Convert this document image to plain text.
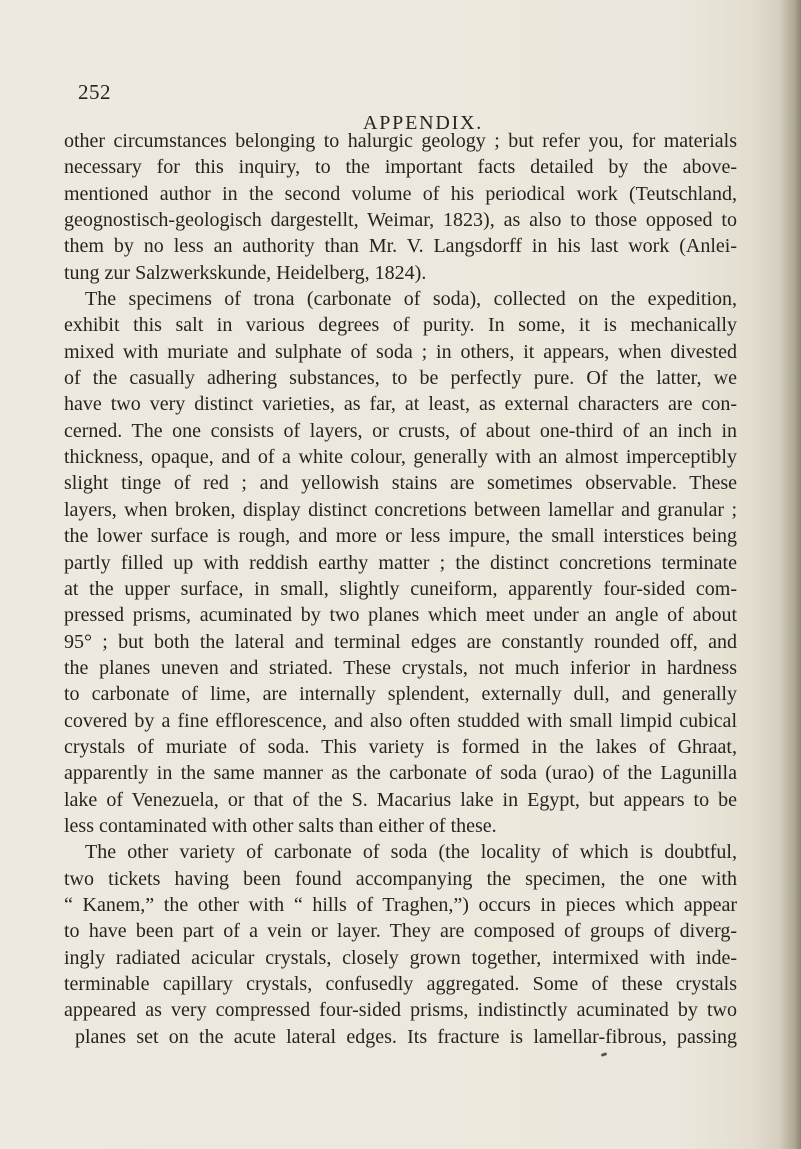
252
APPENDIX.
other circumstances belonging to halurgic geology ; but refer you, for materials
necessary for this inquiry, to the important facts detailed by the above-
mentioned author in the second volume of his periodical work (Teutschland,
geognostisch-geologisch dargestellt, Weimar, 1823), as also to those opposed to
them by no less an authority than Mr. V. Langsdorff in his last work (Anlei-
tung zur Salzwerkskunde, Heidelberg, 1824).
The specimens of trona (carbonate of soda), collected on the expedition,
exhibit this salt in various degrees of purity. In some, it is mechanically
mixed with muriate and sulphate of soda ; in others, it appears, when divested
of the casually adhering substances, to be perfectly pure. Of the latter, we
have two very distinct varieties, as far, at least, as external characters are con-
cerned. The one consists of layers, or crusts, of about one-third of an inch in
thickness, opaque, and of a white colour, generally with an almost imperceptibly
slight tinge of red ; and yellowish stains are sometimes observable. These
layers, when broken, display distinct concretions between lamellar and granular ;
the lower surface is rough, and more or less impure, the small interstices being
partly filled up with reddish earthy matter ; the distinct concretions terminate
at the upper surface, in small, slightly cuneiform, apparently four-sided com-
pressed prisms, acuminated by two planes which meet under an angle of about
95° ; but both the lateral and terminal edges are constantly rounded off, and
the planes uneven and striated. These crystals, not much inferior in hardness
to carbonate of lime, are internally splendent, externally dull, and generally
covered by a fine efflorescence, and also often studded with small limpid cubical
crystals of muriate of soda. This variety is formed in the lakes of Ghraat,
apparently in the same manner as the carbonate of soda (urao) of the Lagunilla
lake of Venezuela, or that of the S. Macarius lake in Egypt, but appears to be
less contaminated with other salts than either of these.
The other variety of carbonate of soda (the locality of which is doubtful,
two tickets having been found accompanying the specimen, the one with
“ Kanem,” the other with “ hills of Traghen,”) occurs in pieces which appear
to have been part of a vein or layer. They are composed of groups of diverg-
ingly radiated acicular crystals, closely grown together, intermixed with inde-
terminable capillary crystals, confusedly aggregated. Some of these crystals
appeared as very compressed four-sided prisms, indistinctly acuminated by two
planes set on the acute lateral edges. Its fracture is lamellar-fibrous, passing
